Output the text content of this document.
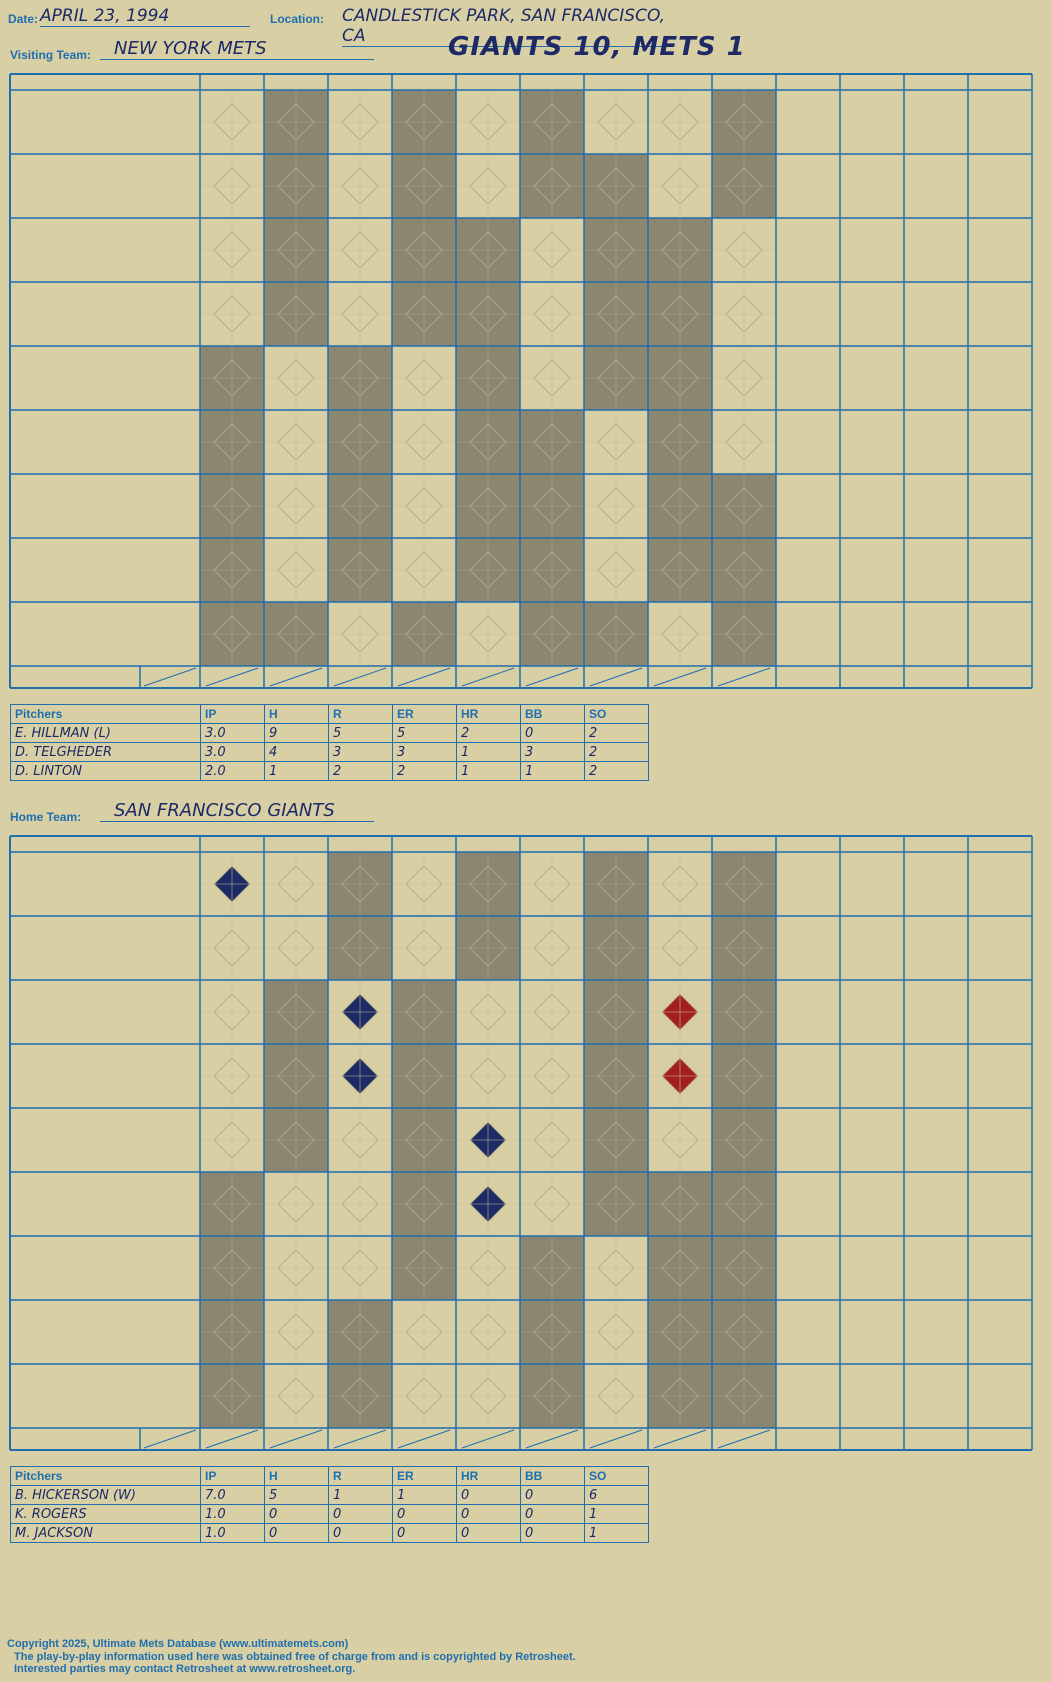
Date: APRIL 23, 1994	Location: CANDLESTICK PARK, SAN FRANCISCO, CA
Visiting Team:	NEW YORK METS	GIANTS 10, METS 1
Pitchers	IP	H	R	ER	HR	BB	SO
E. HILLMAN (L)	3.0	9	5	5	2	0	2
D. TELGHEDER	3.0	4	3	3	1	3	2
D. LINTON	2.0	1	2	2	1	1	2
Home Team:	SAN FRANCISCO GIANTS
Pitchers	IP	H	R	ER	HR	BB	SO
B. HICKERSON (W)	7.0	5	1	1	0	0	6
K. ROGERS	1.0	0	0	0	0	0	1
M. JACKSON	1.0	0	0	0	0	0	1
Copyright 2025, Ultimate Mets Database (www.ultimatemets.com)
The play-by-play information used here was obtained free of charge from and is copyrighted by Retrosheet.
Interested parties may contact Retrosheet at www.retrosheet.org.
